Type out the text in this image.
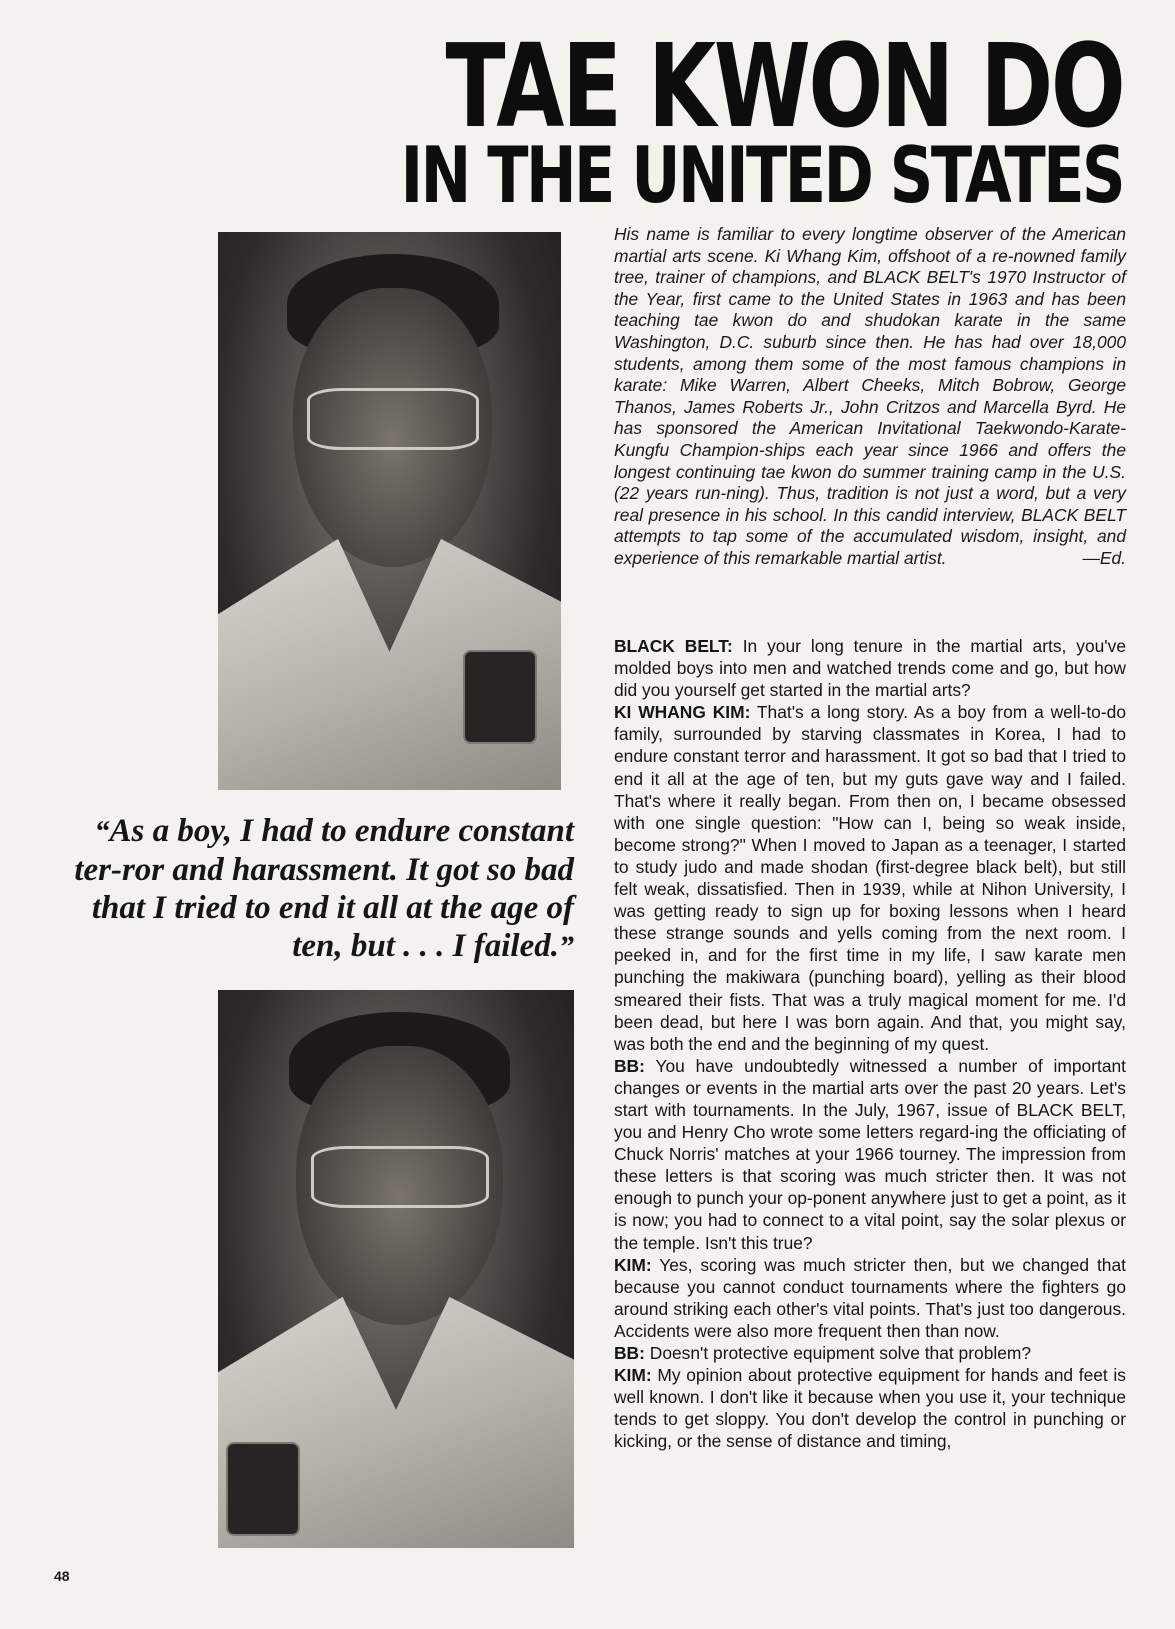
TAE KWON DO
IN THE UNITED STATES

“As a boy, I had to endure constant ter-ror and harassment. It got so bad that I tried to end it all at the age of ten, but . . . I failed.”

His name is familiar to every longtime observer of the American martial arts scene. Ki Whang Kim, offshoot of a re-nowned family tree, trainer of champions, and BLACK BELT's 1970 Instructor of the Year, first came to the United States in 1963 and has been teaching tae kwon do and shudokan karate in the same Washington, D.C. suburb since then. He has had over 18,000 students, among them some of the most famous champions in karate: Mike Warren, Albert Cheeks, Mitch Bobrow, George Thanos, James Roberts Jr., John Critzos and Marcella Byrd. He has sponsored the American Invitational Taekwondo-Karate-Kungfu Champion-ships each year since 1966 and offers the longest continuing tae kwon do summer training camp in the U.S. (22 years run-ning). Thus, tradition is not just a word, but a very real presence in his school. In this candid interview, BLACK BELT attempts to tap some of the accumulated wisdom, insight, and experience of this remarkable martial artist.	—Ed.

BLACK BELT: In your long tenure in the martial arts, you've molded boys into men and watched trends come and go, but how did you yourself get started in the martial arts?

KI WHANG KIM: That's a long story. As a boy from a well-to-do family, surrounded by starving classmates in Korea, I had to endure constant terror and harassment. It got so bad that I tried to end it all at the age of ten, but my guts gave way and I failed. That's where it really began. From then on, I became obsessed with one single question: "How can I, being so weak inside, become strong?" When I moved to Japan as a teenager, I started to study judo and made shodan (first-degree black belt), but still felt weak, dissatisfied. Then in 1939, while at Nihon University, I was getting ready to sign up for boxing lessons when I heard these strange sounds and yells coming from the next room. I peeked in, and for the first time in my life, I saw karate men punching the makiwara (punching board), yelling as their blood smeared their fists. That was a truly magical moment for me. I'd been dead, but here I was born again. And that, you might say, was both the end and the beginning of my quest.

BB: You have undoubtedly witnessed a number of important changes or events in the martial arts over the past 20 years. Let's start with tournaments. In the July, 1967, issue of BLACK BELT, you and Henry Cho wrote some letters regard-ing the officiating of Chuck Norris' matches at your 1966 tourney. The impression from these letters is that scoring was much stricter then. It was not enough to punch your op-ponent anywhere just to get a point, as it is now; you had to connect to a vital point, say the solar plexus or the temple. Isn't this true?

KIM: Yes, scoring was much stricter then, but we changed that because you cannot conduct tournaments where the fighters go around striking each other's vital points. That's just too dangerous. Accidents were also more frequent then than now.

BB: Doesn't protective equipment solve that problem?

KIM: My opinion about protective equipment for hands and feet is well known. I don't like it because when you use it, your technique tends to get sloppy. You don't develop the control in punching or kicking, or the sense of distance and timing,

48
